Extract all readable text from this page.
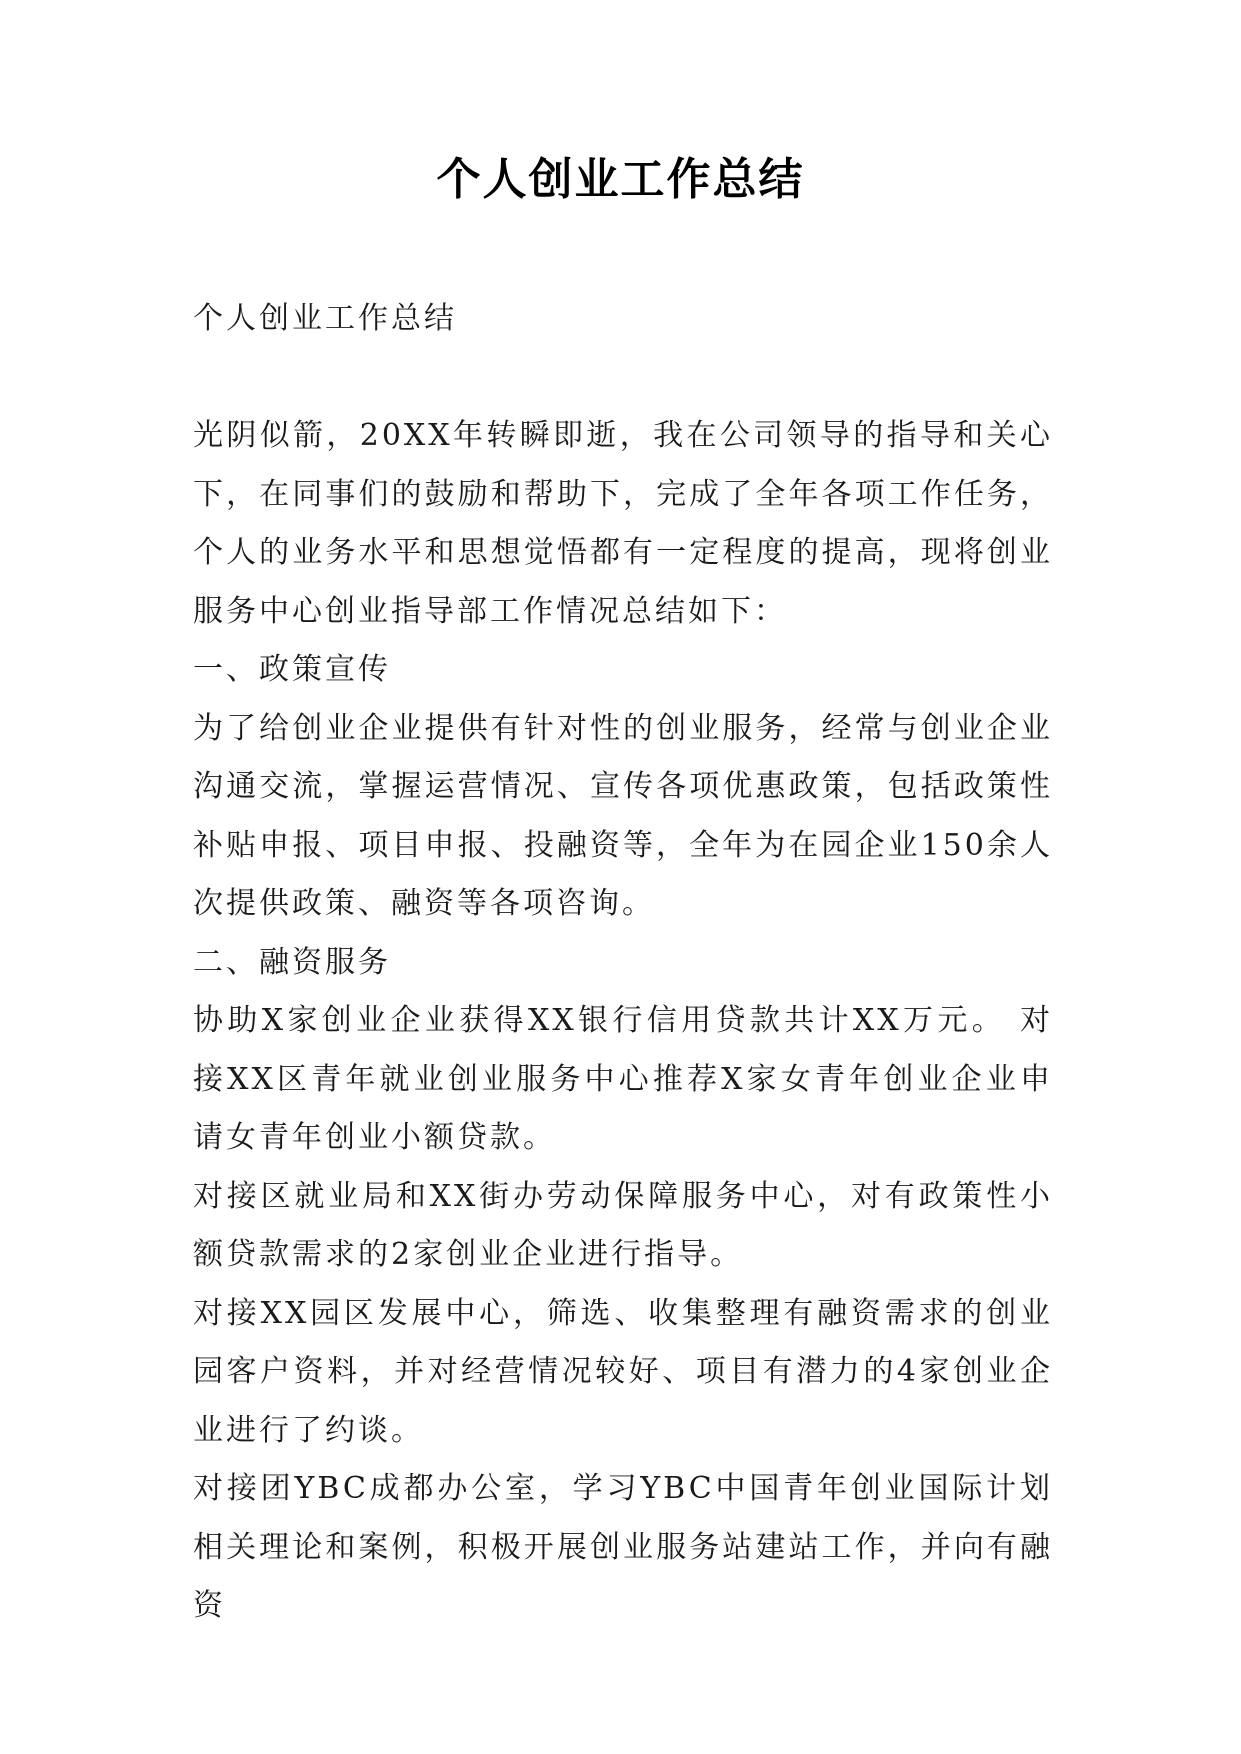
个人创业工作总结

个人创业工作总结

光阴似箭，20XX年转瞬即逝，我在公司领导的指导和关心下，在同事们的鼓励和帮助下，完成了全年各项工作任务，个人的业务水平和思想觉悟都有一定程度的提高，现将创业服务中心创业指导部工作情况总结如下：

一、政策宣传

为了给创业企业提供有针对性的创业服务，经常与创业企业沟通交流，掌握运营情况、宣传各项优惠政策，包括政策性补贴申报、项目申报、投融资等，全年为在园企业150余人次提供政策、融资等各项咨询。

二、融资服务

协助X家创业企业获得XX银行信用贷款共计XX万元。 对接XX区青年就业创业服务中心推荐X家女青年创业企业申请女青年创业小额贷款。

对接区就业局和XX街办劳动保障服务中心，对有政策性小额贷款需求的2家创业企业进行指导。

对接XX园区发展中心，筛选、收集整理有融资需求的创业园客户资料，并对经营情况较好、项目有潜力的4家创业企业进行了约谈。

对接团YBC成都办公室，学习YBC中国青年创业国际计划相关理论和案例，积极开展创业服务站建站工作，并向有融资
